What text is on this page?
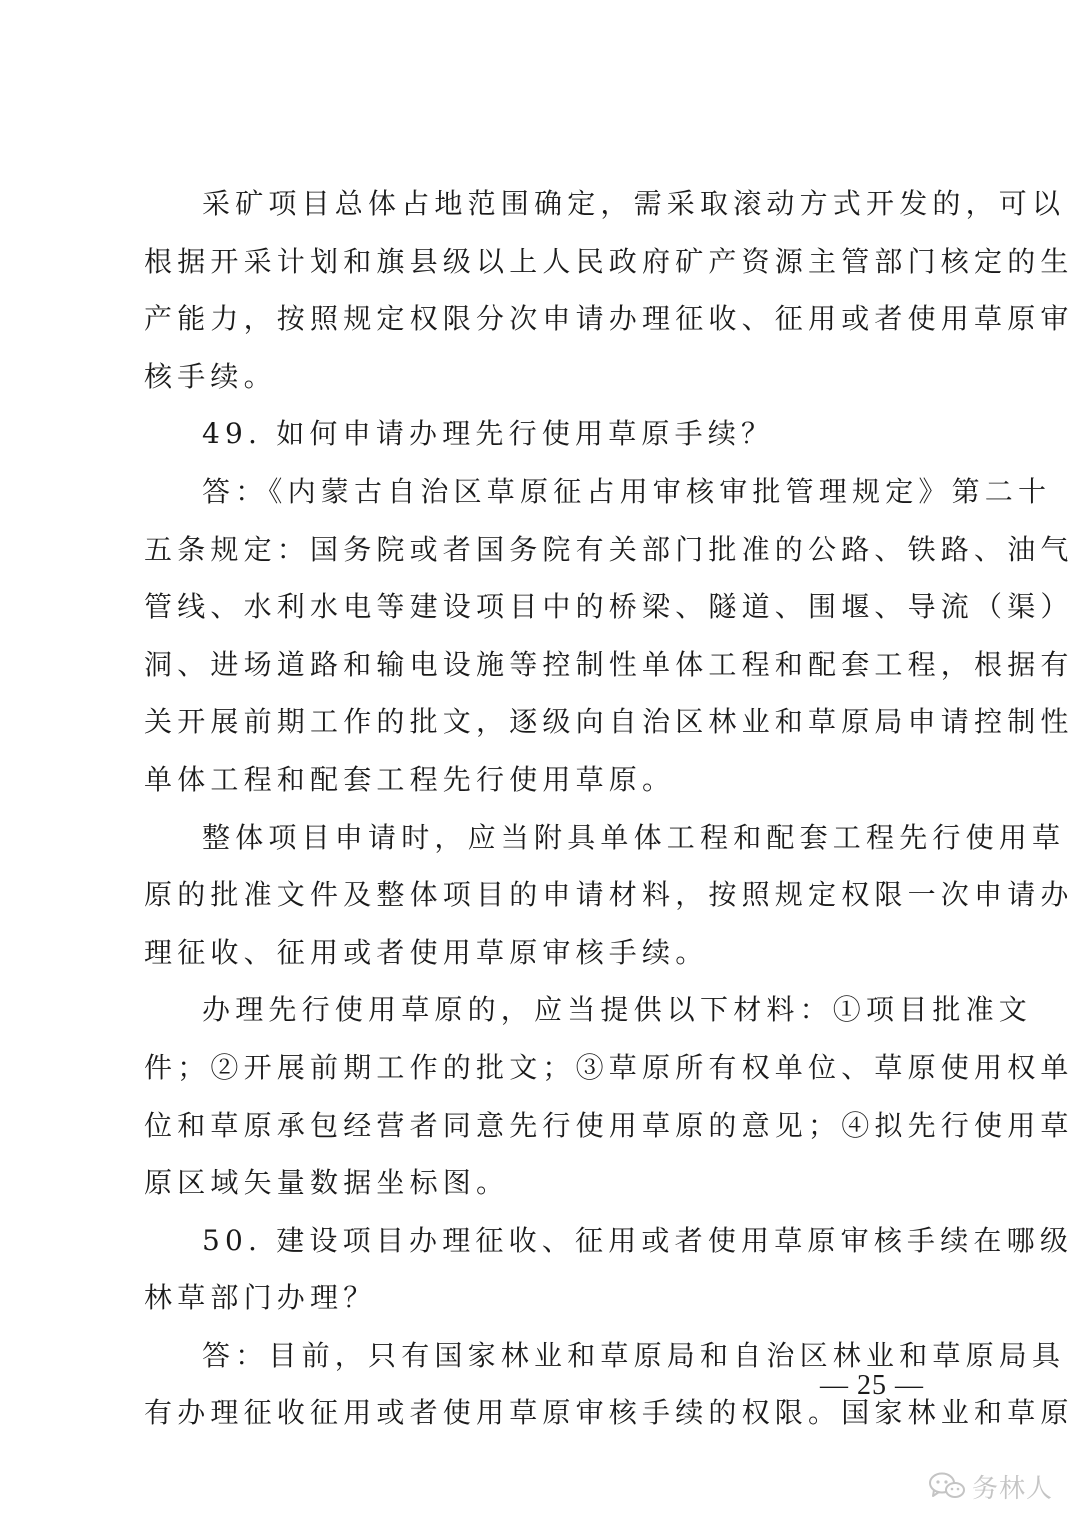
采矿项目总体占地范围确定，需采取滚动方式开发的，可以
根据开采计划和旗县级以上人民政府矿产资源主管部门核定的生
产能力，按照规定权限分次申请办理征收、征用或者使用草原审
核手续。
49. 如何申请办理先行使用草原手续？
答：《内蒙古自治区草原征占用审核审批管理规定》第二十
五条规定：国务院或者国务院有关部门批准的公路、铁路、油气
管线、水利水电等建设项目中的桥梁、隧道、围堰、导流（渠）
洞、进场道路和输电设施等控制性单体工程和配套工程，根据有
关开展前期工作的批文，逐级向自治区林业和草原局申请控制性
单体工程和配套工程先行使用草原。
整体项目申请时，应当附具单体工程和配套工程先行使用草
原的批准文件及整体项目的申请材料，按照规定权限一次申请办
理征收、征用或者使用草原审核手续。
办理先行使用草原的，应当提供以下材料：①项目批准文
件；②开展前期工作的批文；③草原所有权单位、草原使用权单
位和草原承包经营者同意先行使用草原的意见；④拟先行使用草
原区域矢量数据坐标图。
50. 建设项目办理征收、征用或者使用草原审核手续在哪级
林草部门办理？
答：目前，只有国家林业和草原局和自治区林业和草原局具
有办理征收征用或者使用草原审核手续的权限。国家林业和草原
— 25 —
务林人
